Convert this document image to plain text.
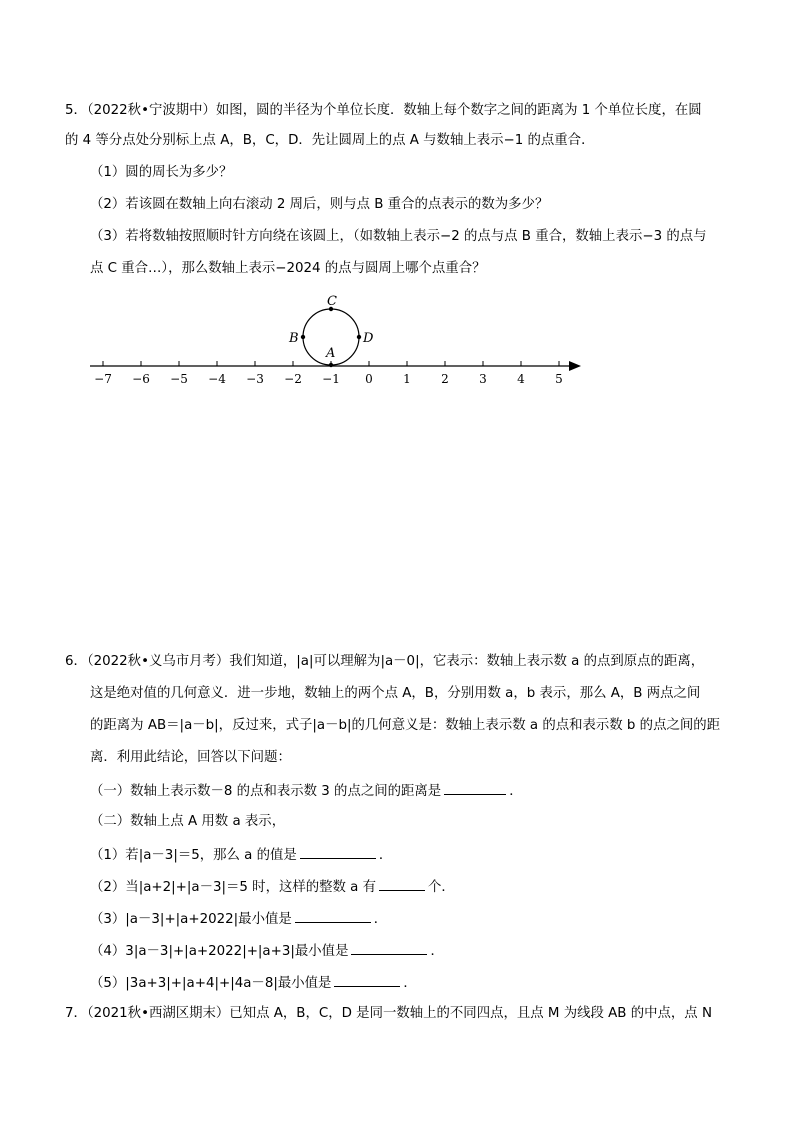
5．（2022秋•宁波期中）如图，圆的半径为个单位长度．数轴上每个数字之间的距离为 1 个单位长度，在圆
的 4 等分点处分别标上点 A，B，C，D．先让圆周上的点 A 与数轴上表示−1 的点重合．
（1）圆的周长为多少？
（2）若该圆在数轴上向右滚动 2 周后，则与点 B 重合的点表示的数为多少？
（3）若将数轴按照顺时针方向绕在该圆上，（如数轴上表示−2 的点与点 B 重合，数轴上表示−3 的点与
点 C 重合…），那么数轴上表示−2024 的点与圆周上哪个点重合？
−7 −6 −5 −4 −3 −2 −1 0	1	2	3	4	5
A
B
C
D
6．（2022秋•义乌市月考）我们知道，|a|可以理解为|a－0|，它表示：数轴上表示数 a 的点到原点的距离，
这是绝对值的几何意义．进一步地，数轴上的两个点 A，B，分别用数 a，b 表示，那么 A，B 两点之间
的距离为 AB＝|a－b|，反过来，式子|a－b|的几何意义是：数轴上表示数 a 的点和表示数 b 的点之间的距
离．利用此结论，回答以下问题：
（一）数轴上表示数－8 的点和表示数 3 的点之间的距离是	．
（二）数轴上点 A 用数 a 表示，
（1）若|a－3|＝5，那么 a 的值是	．
（2）当|a+2|+|a－3|＝5 时，这样的整数 a 有	个．
（3）|a－3|+|a+2022|最小值是	．
（4）3|a－3|+|a+2022|+|a+3|最小值是	．
（5）|3a+3|+|a+4|+|4a－8|最小值是	．
7．（2021秋•西湖区期末）已知点 A，B，C，D 是同一数轴上的不同四点，且点 M 为线段 AB 的中点，点 N
